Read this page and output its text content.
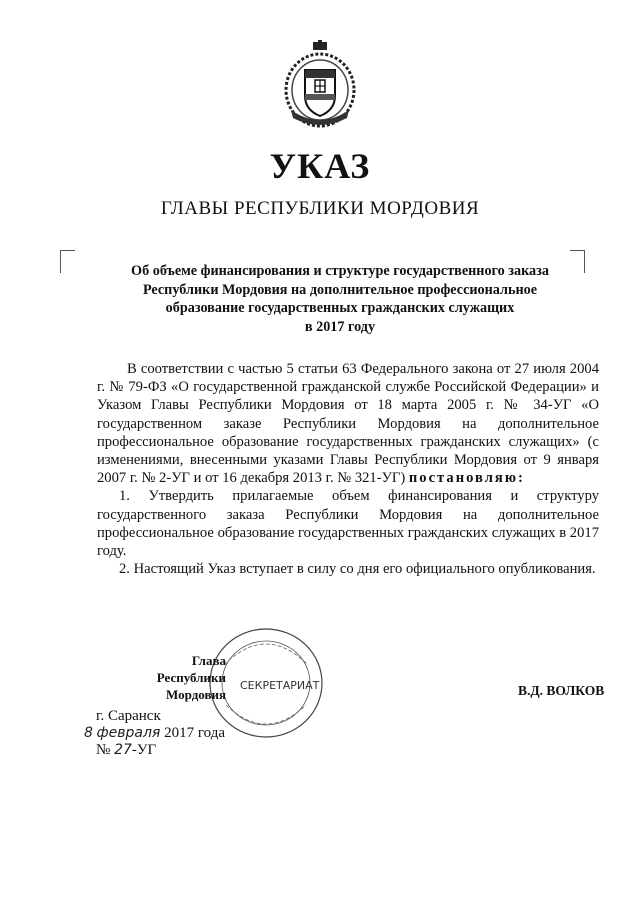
УКАЗ
ГЛАВЫ РЕСПУБЛИКИ МОРДОВИЯ
Об объеме финансирования и структуре государственного заказа
Республики Мордовия на дополнительное профессиональное
образование государственных гражданских служащих
в 2017 году

В соответствии с частью 5 статьи 63 Федерального закона от 27 июля 2004 г. № 79-ФЗ «О государственной гражданской службе Российской Федерации» и Указом Главы Республики Мордовия от 18 марта 2005 г. № 34-УГ «О государственном заказе Республики Мордовия на дополнительное профессиональное образование государственных гражданских служащих» (с изменениями, внесенными указами Главы Республики Мордовия от 9 января 2007 г. № 2-УГ и от 16 декабря 2013 г. № 321-УГ) постановляю:

1. Утвердить прилагаемые объем финансирования и структуру государственного заказа Республики Мордовия на дополнительное профессиональное образование государственных гражданских служащих в 2017 году.

2. Настоящий Указ вступает в силу со дня его официального опубликования.

СЕКРЕТАРИАТ
Глава
Республики Мордовия	В.Д. ВОЛКОВ
г. Саранск
8 февраля 2017 года
№ 27-УГ
